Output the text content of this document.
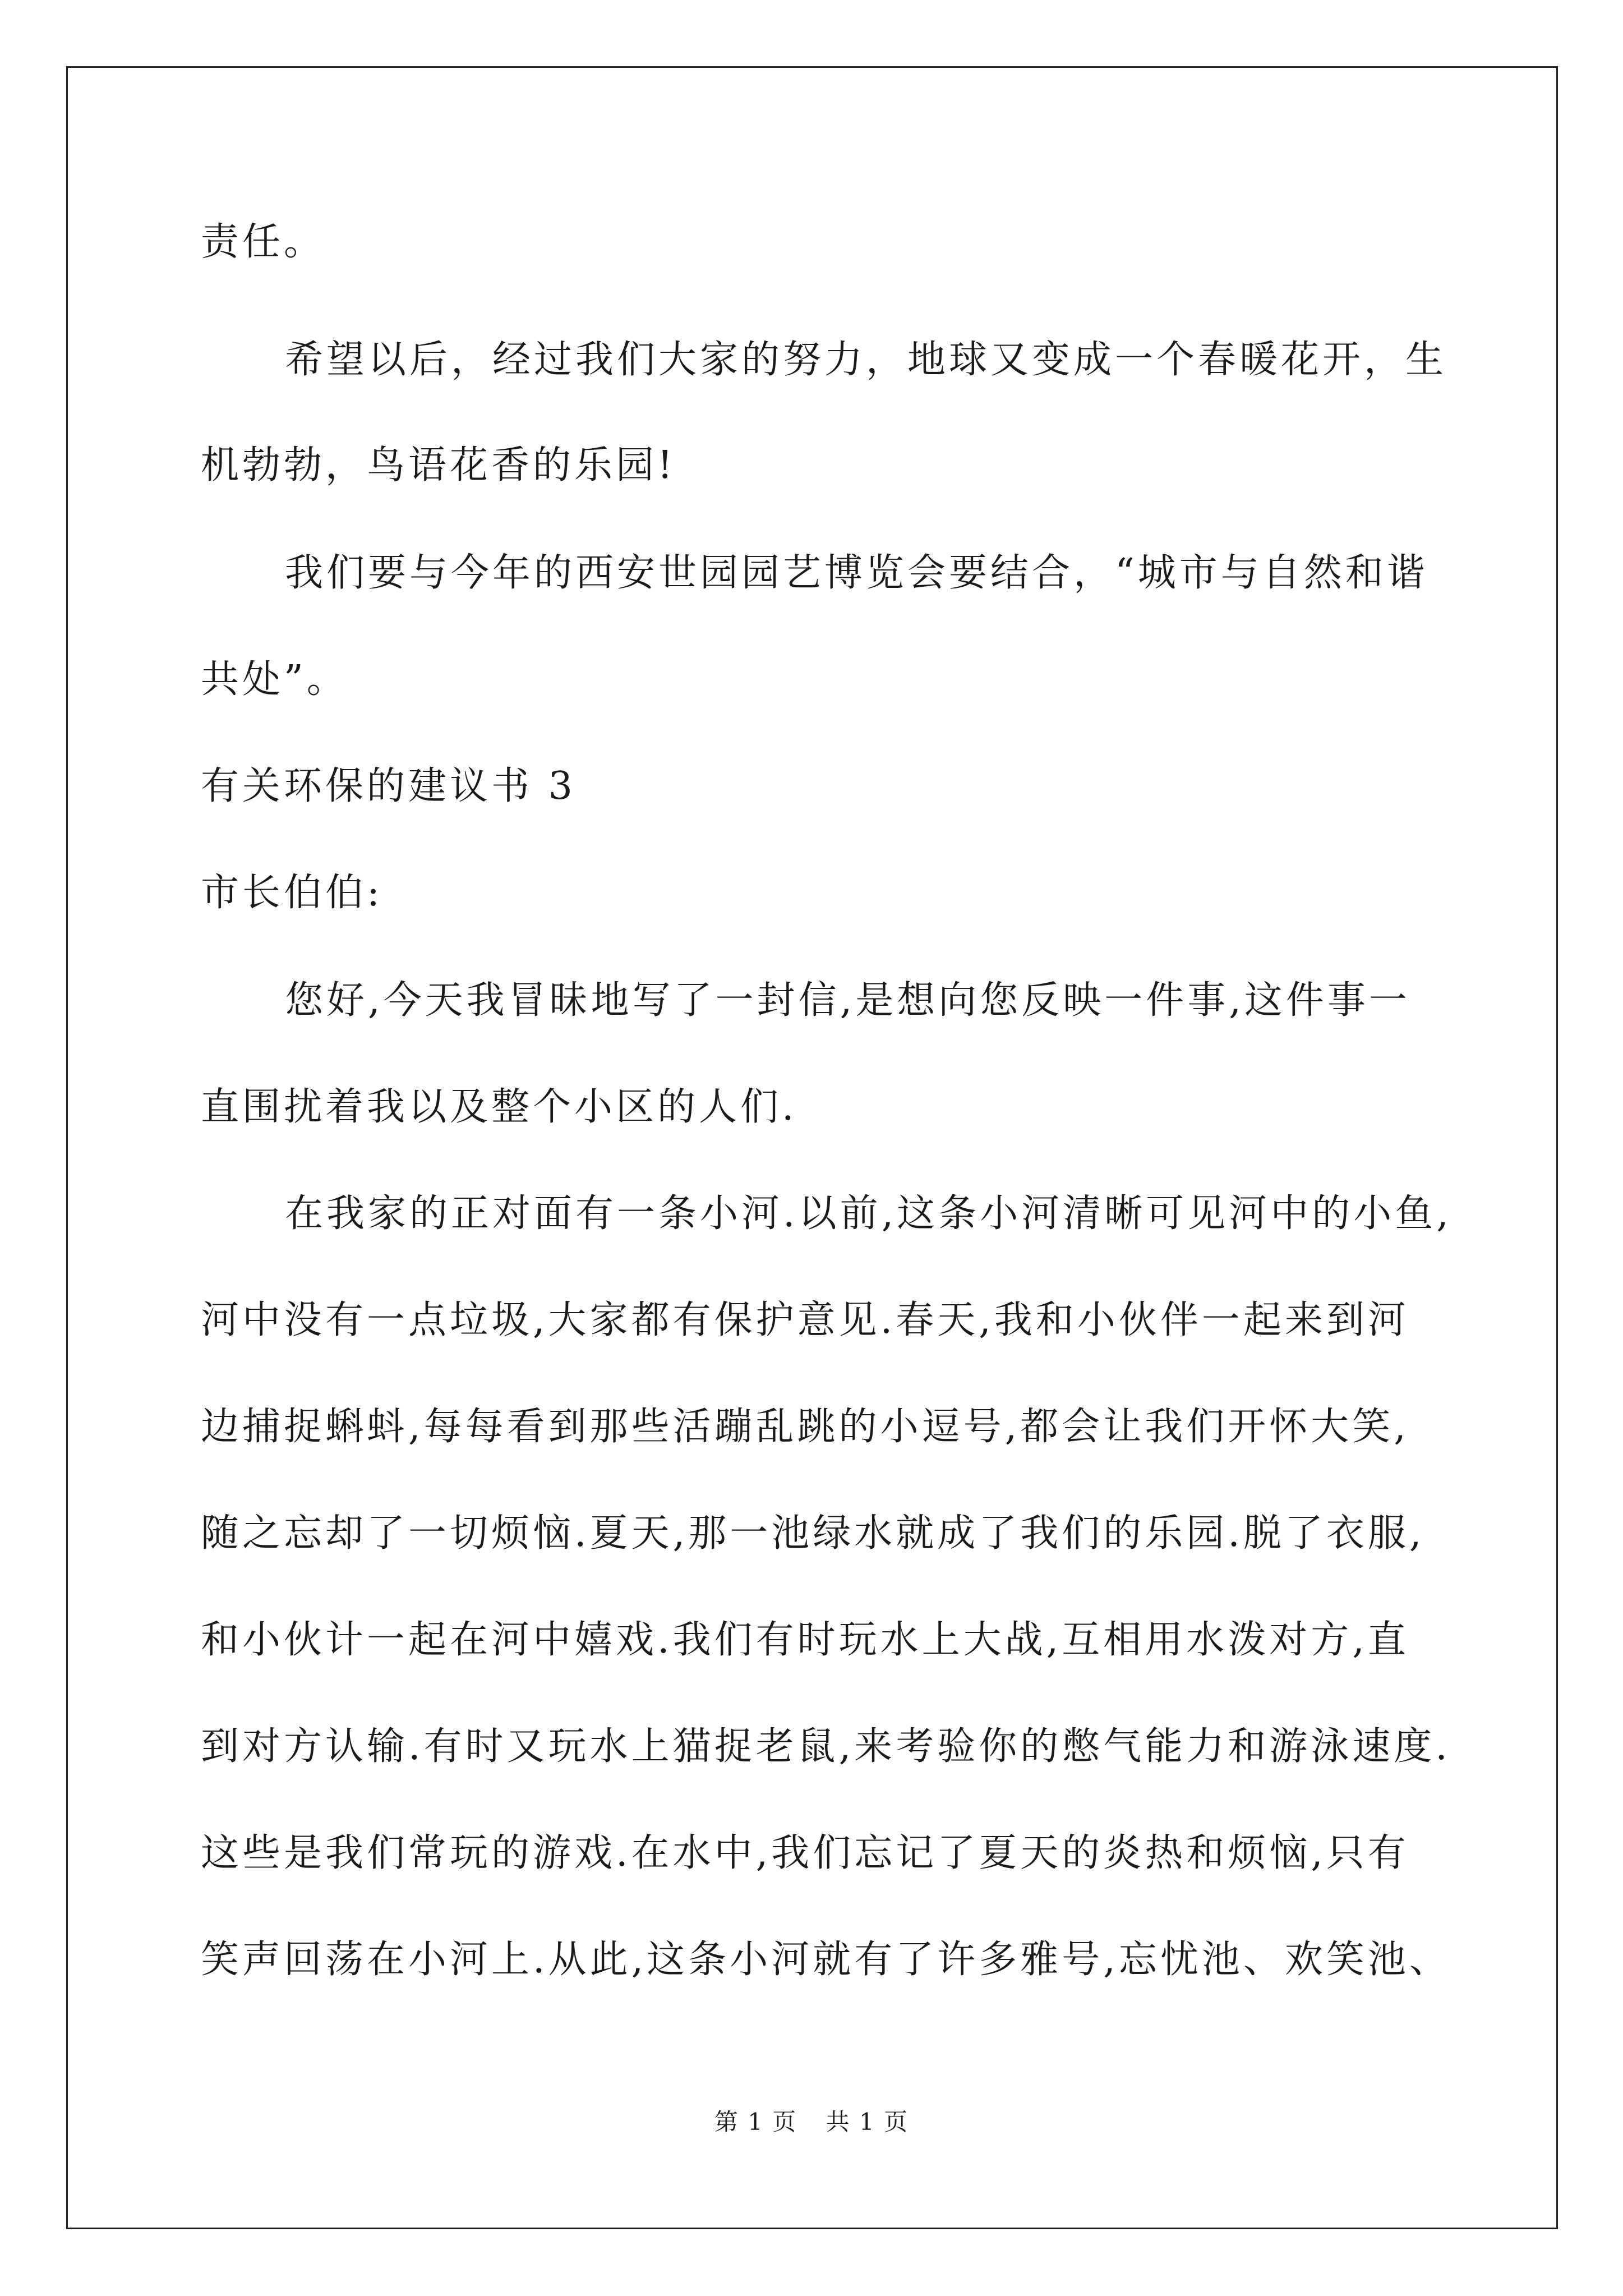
责任。
希望以后，经过我们大家的努力，地球又变成一个春暖花开，生
机勃勃，鸟语花香的乐园!
我们要与今年的西安世园园艺博览会要结合，“城市与自然和谐
共处”。
有关环保的建议书 3
市长伯伯:
您好,今天我冒昧地写了一封信,是想向您反映一件事,这件事一
直围扰着我以及整个小区的人们.
在我家的正对面有一条小河.以前,这条小河清晰可见河中的小鱼,
河中没有一点垃圾,大家都有保护意见.春天,我和小伙伴一起来到河
边捕捉蝌蚪,每每看到那些活蹦乱跳的小逗号,都会让我们开怀大笑,
随之忘却了一切烦恼.夏天,那一池绿水就成了我们的乐园.脱了衣服,
和小伙计一起在河中嬉戏.我们有时玩水上大战,互相用水泼对方,直
到对方认输.有时又玩水上猫捉老鼠,来考验你的憋气能力和游泳速度.
这些是我们常玩的游戏.在水中,我们忘记了夏天的炎热和烦恼,只有
笑声回荡在小河上.从此,这条小河就有了许多雅号,忘忧池、欢笑池、
第 1 页 共 1 页
